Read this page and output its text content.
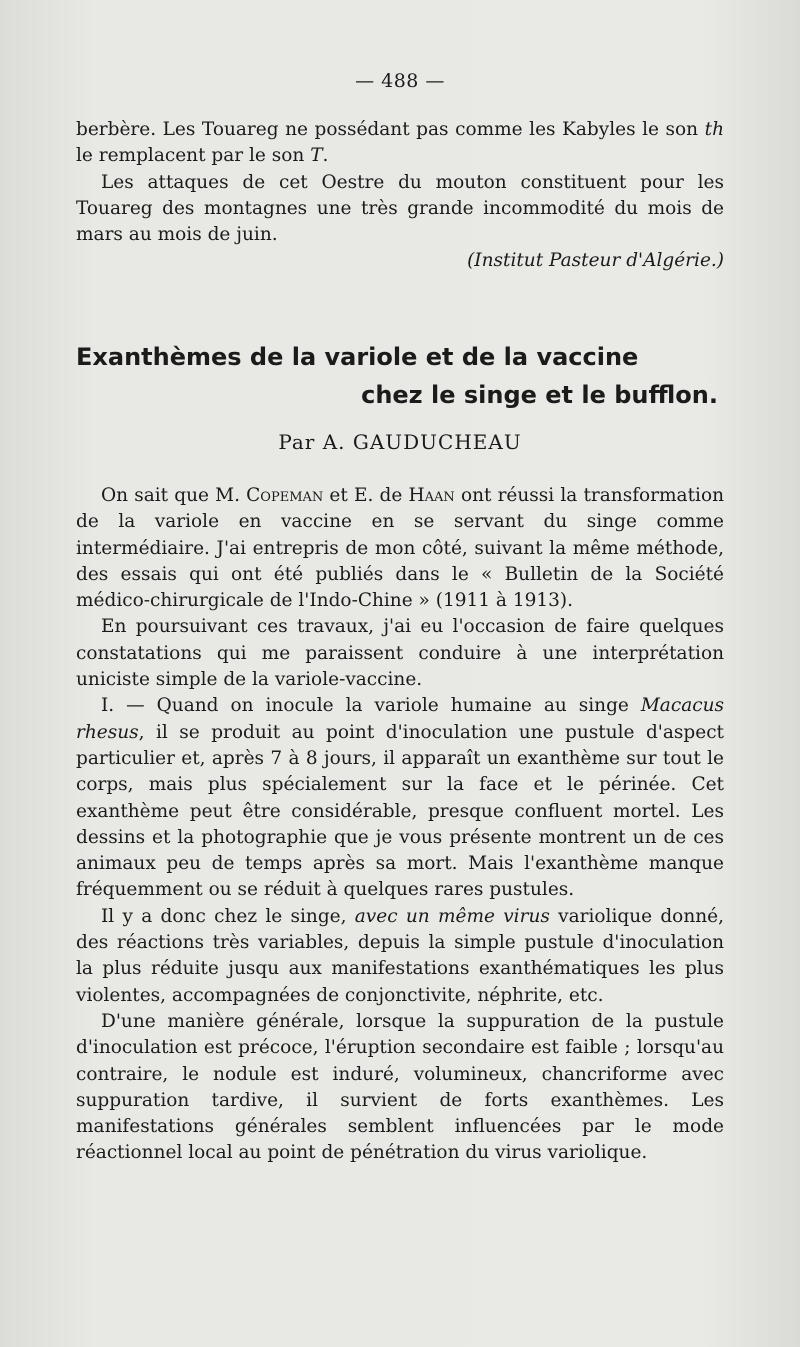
— 488 —

berbère. Les Touareg ne possédant pas comme les Kabyles le son th le remplacent par le son T.

Les attaques de cet Oestre du mouton constituent pour les Touareg des montagnes une très grande incommodité du mois de mars au mois de juin.

(Institut Pasteur d'Algérie.)

Exanthèmes de la variole et de la vaccine
chez le singe et le bufflon.
Par A. GAUDUCHEAU

On sait que M. Copeman et E. de Haan ont réussi la transformation de la variole en vaccine en se servant du singe comme intermédiaire. J'ai entrepris de mon côté, suivant la même méthode, des essais qui ont été publiés dans le « Bulletin de la Société médico-chirurgicale de l'Indo-Chine » (1911 à 1913).

En poursuivant ces travaux, j'ai eu l'occasion de faire quelques constatations qui me paraissent conduire à une interprétation uniciste simple de la variole-vaccine.

I. — Quand on inocule la variole humaine au singe Macacus rhesus, il se produit au point d'inoculation une pustule d'aspect particulier et, après 7 à 8 jours, il apparaît un exanthème sur tout le corps, mais plus spécialement sur la face et le périnée. Cet exanthème peut être considérable, presque confluent mortel. Les dessins et la photographie que je vous présente montrent un de ces animaux peu de temps après sa mort. Mais l'exanthème manque fréquemment ou se réduit à quelques rares pustules.

Il y a donc chez le singe, avec un même virus variolique donné, des réactions très variables, depuis la simple pustule d'inoculation la plus réduite jusqu aux manifestations exanthématiques les plus violentes, accompagnées de conjonctivite, néphrite, etc.

D'une manière générale, lorsque la suppuration de la pustule d'inoculation est précoce, l'éruption secondaire est faible ; lorsqu'au contraire, le nodule est induré, volumineux, chancriforme avec suppuration tardive, il survient de forts exanthèmes. Les manifestations générales semblent influencées par le mode réactionnel local au point de pénétration du virus variolique.
